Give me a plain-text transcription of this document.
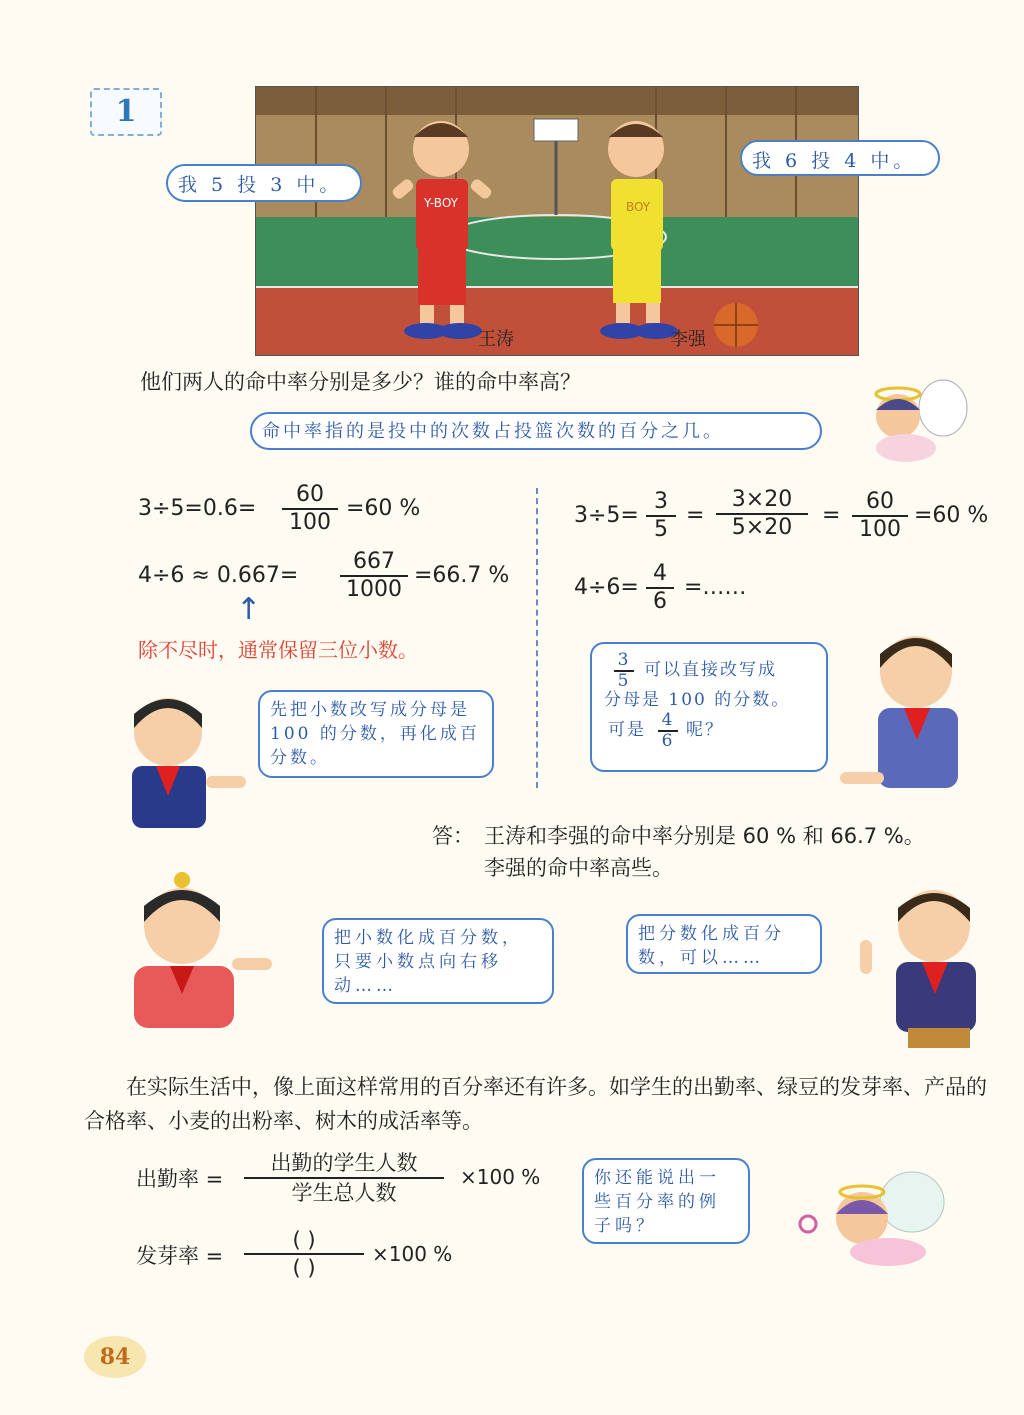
1
Y-BOY	BOY
王涛	李强
我 5 投 3 中。
我 6 投 4 中。
他们两人的命中率分别是多少？谁的命中率高？
命中率指的是投中的次数占投篮次数的百分之几。
3÷5=0.6=
60
100
=60 %
4÷6 ≈ 0.667=
667
1000
=66.7 %
↑
除不尽时，通常保留三位小数。
3÷5=
3
5
=
3×20
5×20	=
60
100
=60 %
4÷6=
4
6
=……
先把小数改写成分母是 100 的分数，再化成百分数。
3
5
可以直接改写成
分母是 100 的分数。
可是 4
6
呢？
答： 王涛和李强的命中率分别是 60 % 和 66.7 %。
李强的命中率高些。
把小数化成百分数，只要小数点向右移动……
把分数化成百分数，可以……
在实际生活中，像上面这样常用的百分率还有许多。如学生的出勤率、绿豆的发芽率、产品的合格率、小麦的出粉率、树木的成活率等。
出勤率 =
出勤的学生人数
学生总人数
×100 %
发芽率 =
( )
( )
×100 %
你还能说出一些百分率的例子吗？
84
